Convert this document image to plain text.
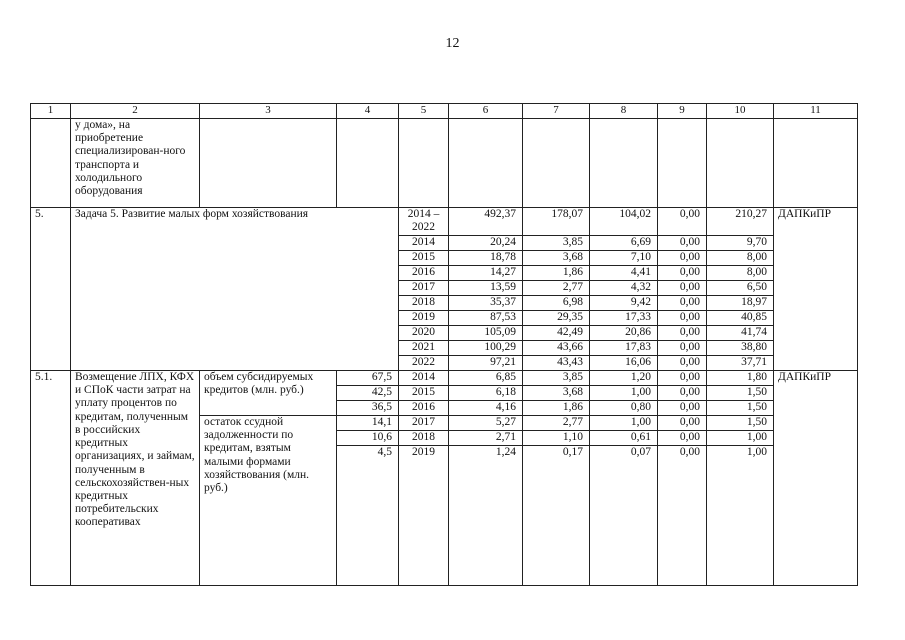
12
1	2	3	4	5	6	7	8	9	10	11
	у дома», на приобретение специализирован-ного транспорта и холодильного оборудования									
5.	Задача 5. Развитие малых форм хозяйствования			2014 – 2022	492,37	178,07	104,02	0,00	210,27	ДАПКиПР
				2014	20,24	3,85	6,69	0,00	9,70	
				2015	18,78	3,68	7,10	0,00	8,00	
				2016	14,27	1,86	4,41	0,00	8,00	
				2017	13,59	2,77	4,32	0,00	6,50	
				2018	35,37	6,98	9,42	0,00	18,97	
				2019	87,53	29,35	17,33	0,00	40,85	
				2020	105,09	42,49	20,86	0,00	41,74	
				2021	100,29	43,66	17,83	0,00	38,80	
				2022	97,21	43,43	16,06	0,00	37,71	
5.1.	Возмещение ЛПХ, КФХ и СПоК части затрат на уплату процентов по кредитам, полученным в российских кредитных организациях, и займам, полученным в сельскохозяйствен-ных кредитных потребительских кооперативах	объем субсидируемых кредитов (млн. руб.)	67,5	2014	6,85	3,85	1,20	0,00	1,80	ДАПКиПР
			42,5	2015	6,18	3,68	1,00	0,00	1,50	
			36,5	2016	4,16	1,86	0,80	0,00	1,50	
		остаток ссудной задолженности по кредитам, взятым малыми формами хозяйствования (млн. руб.)	14,1	2017	5,27	2,77	1,00	0,00	1,50	
			10,6	2018	2,71	1,10	0,61	0,00	1,00	
			4,5	2019	1,24	0,17	0,07	0,00	1,00	
